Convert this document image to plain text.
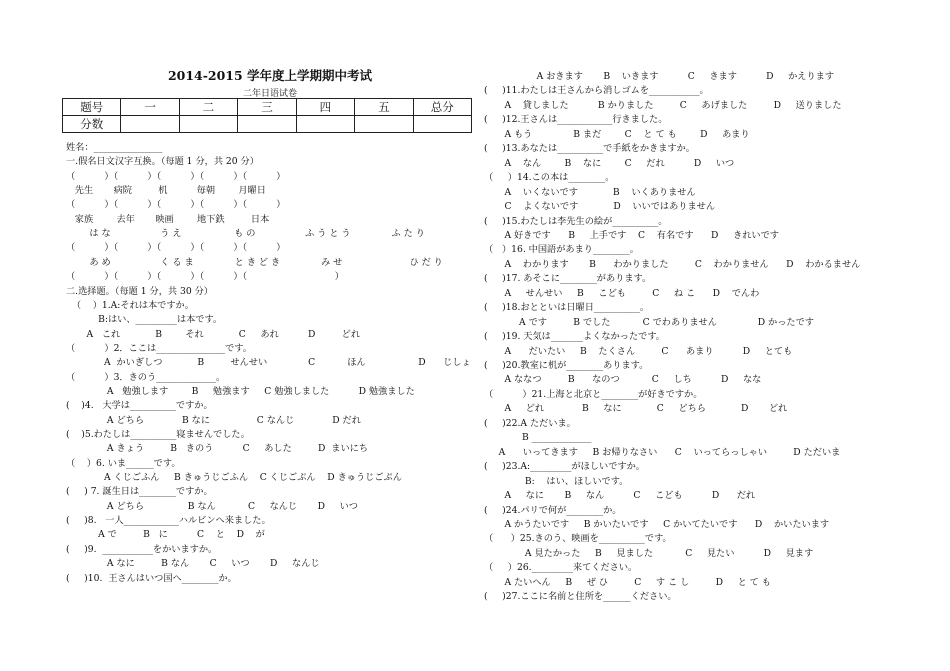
2014-2015 学年度上学期期中考试
二年日语试卷
题号	一	二	三	四	五	总分
分数						
姓名：_______________
一.假名日文汉字互换。（每题 1 分，共 20 分）
（          ）（          ）（          ）（          ）（          ）
先生       病院         机          毎朝        月曜日
（          ）（          ）（          ）（          ）（          ）
家族        去年       映画        地下鉄         日本
は な                 う え                  も の                 ふ う と う              ふ た り
（          ）（          ）（          ）（          ）（          ）
あ め                 く る ま              と き ど き              み せ                       ひ だ り
（          ）（          ）（          ）（          ）（                              ）
二.选择题。（每题 1 分，共 30 分）
（    ）1.A:それは本ですか。
B:はい、_________は本です。
A   これ            B        それ            C     あれ          D         どれ
（          ）2．ここは_______________です。
A  かいぎしつ            B         せんせい              C           ほん                  D      じしょ
（          ）3．きのう_____________。
A   勉強します        B     勉強ます     C 勉強しました          D 勉強ました
(    )4.   大学は__________ですか。
A どちら             B なに                C なんじ             D だれ
(    )5.わたしは__________寝ませんでした。
A きょう         B   きのう          C     あした         D  まいにち
（    ）6. いま______です。
A くじごふん     B きゅうじごふん    C くじごぷん    D きゅうじごぷん
(     ) 7. 誕生日は________ですか。
A どちら               B なん           C     なんじ       D     いつ
(     )8.   一人____________ハルビンへ来ました。
A で         B   に          C    と    D    が
(     )9.  ___________をかいますか。
A なに         B なん       C     いつ       D     なんじ
(     )10.  王さんはいつ国へ________か。
A おきます       B    いきます          C     きます          D     かえります
(     )11.わたしは王さんから消しゴムを___________。
A    貸しました          B かりました         C     あげました         D     送りました
(     )12.王さんは____________行きました。
A もう              B まだ        C    と て も        D     あまり
(     )13.あなたは__________で手紙をかきますか。
A    なん        B    なに        C     だれ          D     いつ
（     ）14.この本は________。
A    いくないです            B    いくありません
C    よくないです            D    いいではありません
(     )15.わたしは李先生の絵が__________。
A 好きです      B     上手です    C    有名です      D     きれいです
（   ）16. 中国語があまり________。
A    わかります       B      わかりました         C    わかりません      D    わかるません
(     )17. あそこに________があります。
A     せんせい     B     こども         C     ね こ      D    でんわ
(     )18.おとといは日曜日__________。
A です         B でした           C でわありません              D かったです
(     )19. 天気は_______よくなかったです。
A      だいたい     B    たくさん         C      あまり          D     とても
(     )20.教室に机が________あります。
A ななつ         B      なのつ           C     しち          D     なな
（          ）21.上海と北京と________が好きですか。
A     どれ             B     なに            C     どちら            D       どれ
(     )22.A ただいま。
B _____________
A      いってきます     B お帰りなさい      C    いってらっしゃい         D ただいま
(     )23.A:_________がほしいですか。
B:    はい、ほしいです。
A     なに       B     なん          C     こども          D      だれ
(     )24.パリで何が________か。
A かうたいです     B かいたいです     C かいてたいです      D    かいたいます
（      ）25.きのう、映画を__________です。
A 見たかった     B     見ました           C     見たい          D     見ます
（     ）26._________来てください。
A たいへん     B     ぜ ひ         C     す こ し         D     と て も
(     )27.ここに名前と住所を______ください。
